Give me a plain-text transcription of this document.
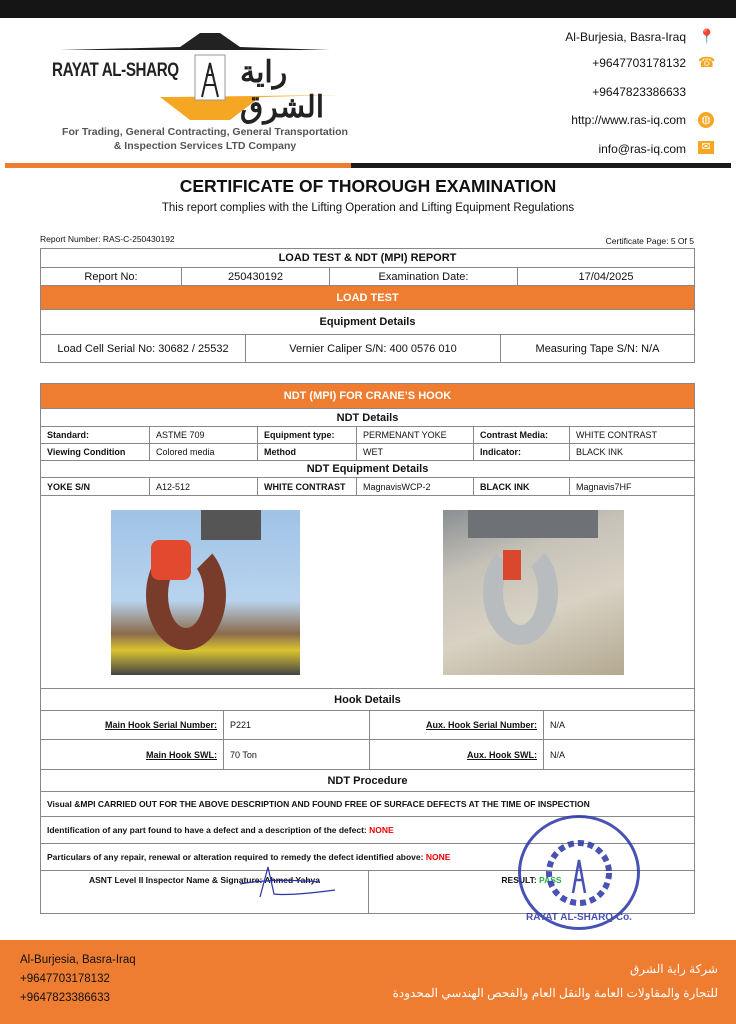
RAYAT AL-SHARQ راية الشرق
For Trading, General Contracting, General Transportation
& Inspection Services LTD Company
Al-Burjesia, Basra-Iraq 📍
+9647703178132 ☎
+9647823386633
http://www.ras-iq.com ◍
info@ras-iq.com	✉
CERTIFICATE OF THOROUGH EXAMINATION
This report complies with the Lifting Operation and Lifting Equipment Regulations
Report Number: RAS-C-250430192	Certificate Page: 5 Of 5
LOAD TEST & NDT (MPI) REPORT
Report No:	250430192	Examination Date:	17/04/2025
LOAD TEST
Equipment Details
Load Cell Serial No: 30682 / 25532	Vernier Caliper S/N: 400 0576 010	Measuring Tape S/N: N/A
NDT (MPI) FOR CRANE’S HOOK					
NDT Details					
Standard:	ASTME 709	Equipment type:	PERMENANT YOKE	Contrast Media:	WHITE CONTRAST
Viewing Condition	Colored media	Method	WET	Indicator:	BLACK INK
NDT Equipment Details					
YOKE S/N	A12-512	WHITE CONTRAST	MagnavisWCP-2	BLACK INK	Magnavis7HF

Hook Details					
Main Hook Serial Number:	P221	Aux. Hook Serial Number:	N/A
Main Hook SWL:	70 Ton	Aux. Hook SWL:	N/A
NDT Procedure
Visual &MPI CARRIED OUT FOR THE ABOVE DESCRIPTION AND FOUND FREE OF SURFACE DEFECTS AT THE TIME OF INSPECTION
Identification of any part found to have a defect and a description of the defect: NONE
Particulars of any repair, renewal or alteration required to remedy the defect identified above: NONE
ASNT Level II Inspector Name & Signature: Ahmed Yahya	RESULT: PASS
RAYAT AL-SHARQ Co.
Al-Burjesia, Basra-Iraq
+9647703178132
+9647823386633
شركة راية الشرق
للتجارة والمقاولات العامة والنقل العام والفحص الهندسي المحدودة
